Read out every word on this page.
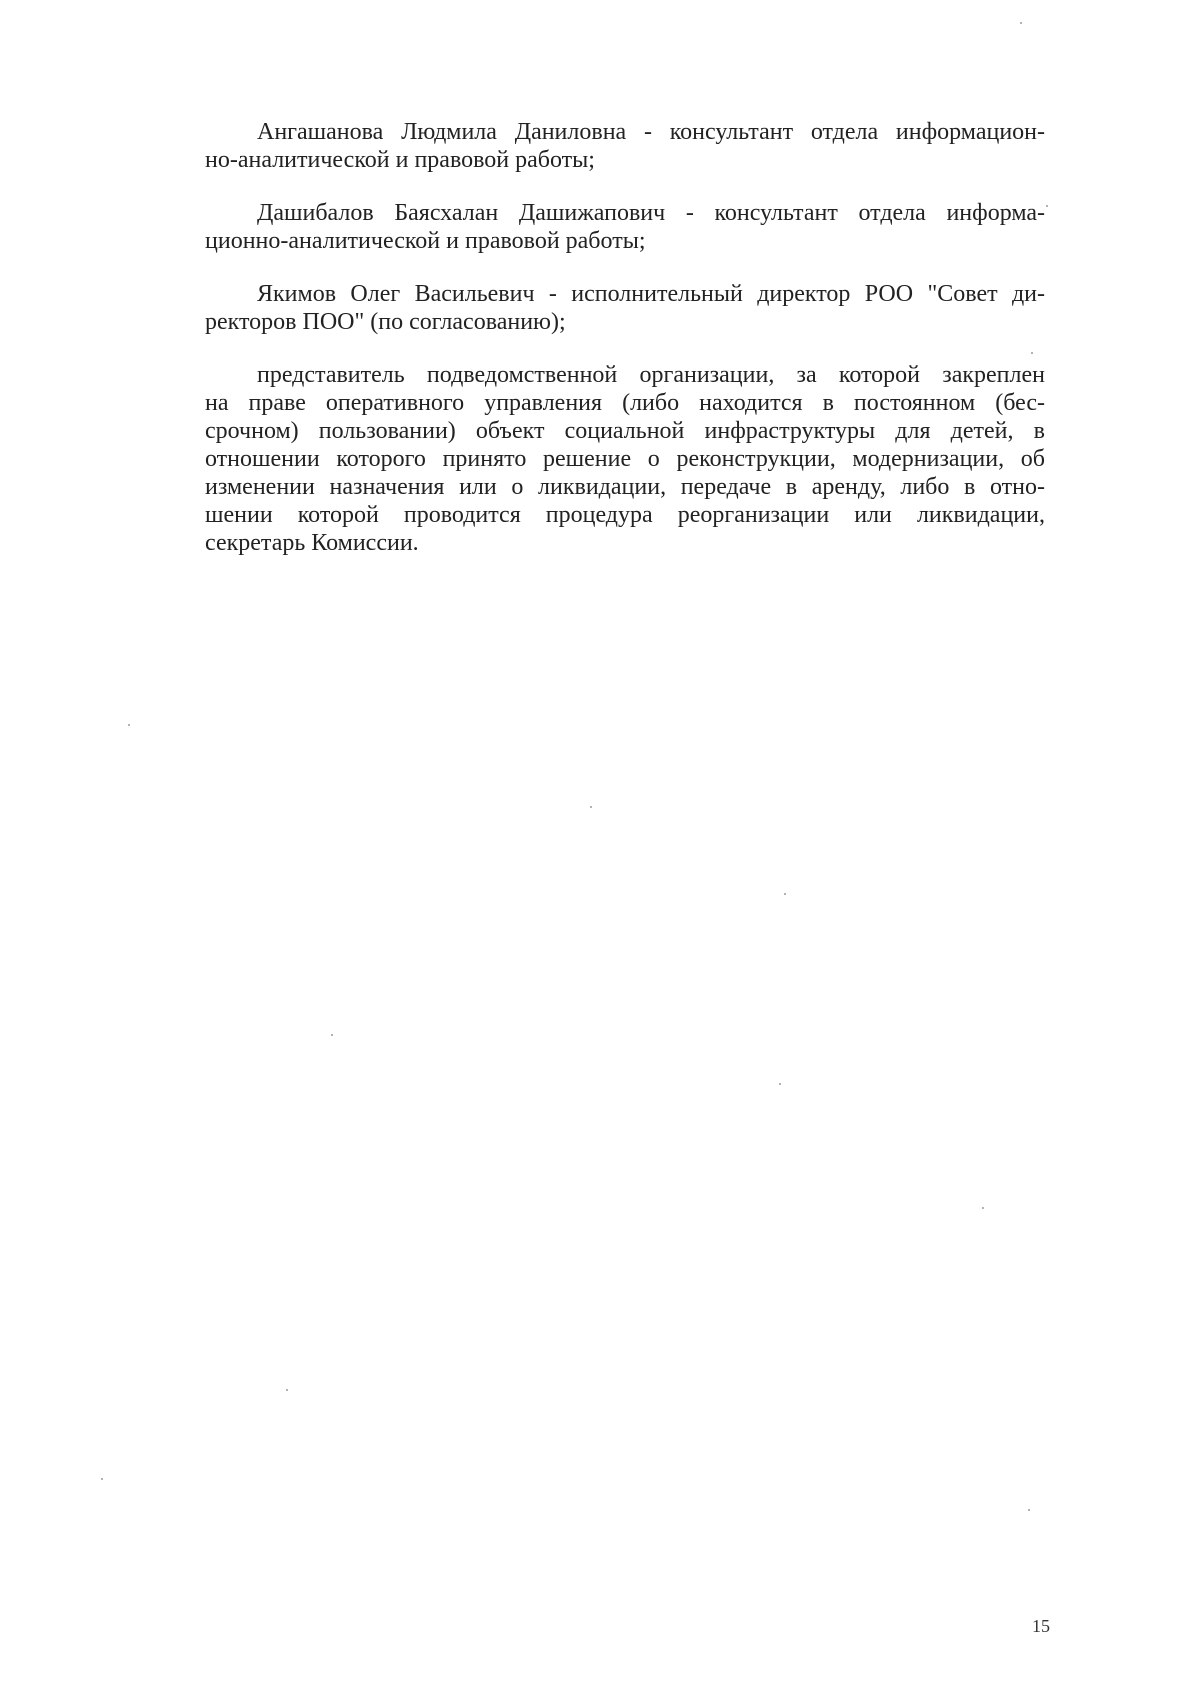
Ангашанова Людмила Даниловна - консультант отдела информацион-
но-аналитической и правовой работы;

Дашибалов Баясхалан Дашижапович - консультант отдела информа-
ционно-аналитической и правовой работы;

Якимов Олег Васильевич - исполнительный директор РОО "Совет ди-
ректоров ПОО" (по согласованию);

представитель подведомственной организации, за которой закреплен
на праве оперативного управления (либо находится в постоянном (бес-
срочном) пользовании) объект социальной инфраструктуры для детей, в
отношении которого принято решение о реконструкции, модернизации, об
изменении назначения или о ликвидации, передаче в аренду, либо в отно-
шении которой проводится процедура реорганизации или ликвидации,
секретарь Комиссии.

15
